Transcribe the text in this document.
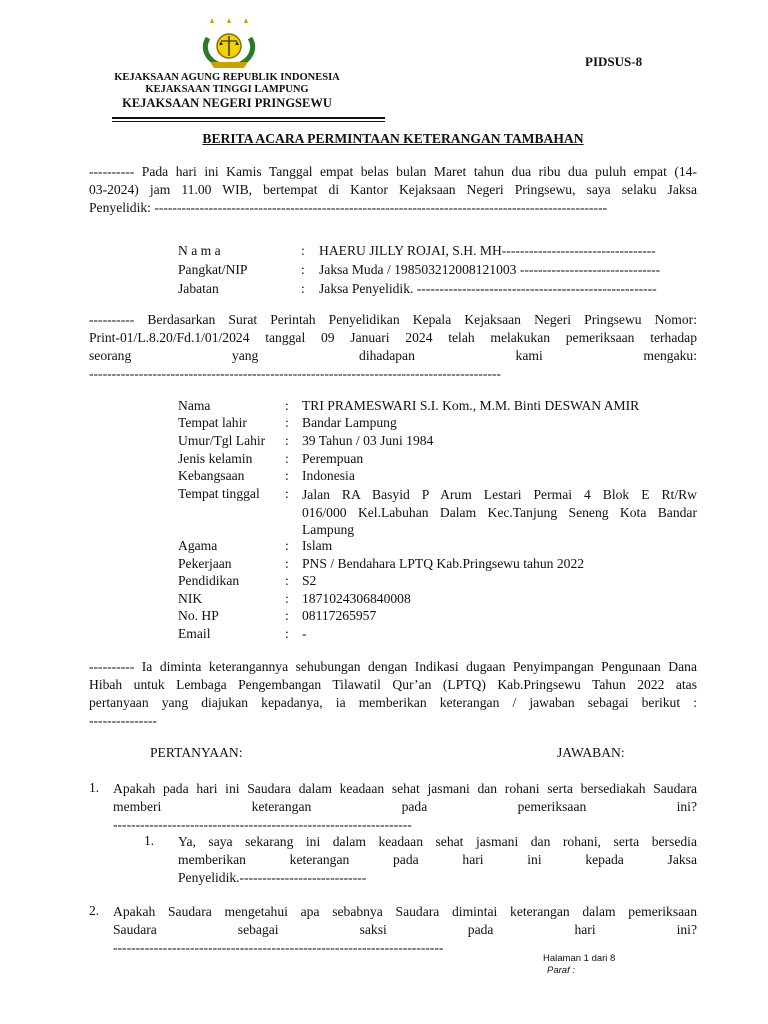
PIDSUS-8
KEJAKSAAN AGUNG REPUBLIK INDONESIA
KEJAKSAAN TINGGI LAMPUNG
KEJAKSAAN NEGERI PRINGSEWU
BERITA ACARA PERMINTAAN KETERANGAN TAMBAHAN
---------- Pada hari ini Kamis Tanggal empat belas bulan Maret tahun dua ribu dua puluh empat (14-
03-2024) jam 11.00 WIB, bertempat di Kantor Kejaksaan Negeri Pringsewu, saya selaku Jaksa
Penyelidik: ----------------------------------------------------------------------------------------------------
N a m a	: HAERU JILLY ROJAI, S.H. MH----------------------------------
Pangkat/NIP	: Jaksa Muda / 198503212008121003 -------------------------------
Jabatan	: Jaksa Penyelidik. -----------------------------------------------------
---------- Berdasarkan Surat Perintah Penyelidikan Kepala Kejaksaan Negeri Pringsewu Nomor:
Print-01/L.8.20/Fd.1/01/2024 tanggal 09 Januari 2024 telah melakukan pemeriksaan terhadap
seorang yang dihadapan kami mengaku:
-------------------------------------------------------------------------------------------
Nama	: TRI PRAMESWARI S.I. Kom., M.M. Binti DESWAN AMIR
Tempat lahir	: Bandar Lampung
Umur/Tgl Lahir : 39 Tahun / 03 Juni 1984
Jenis kelamin : Perempuan
Kebangsaan	: Indonesia
Tempat tinggal : Jalan RA Basyid P Arum Lestari Permai 4 Blok E Rt/Rw
016/000 Kel.Labuhan Dalam Kec.Tanjung Seneng Kota Bandar
Lampung
Agama	: Islam
Pekerjaan	: PNS / Bendahara LPTQ Kab.Pringsewu tahun 2022
Pendidikan	: S2
NIK	: 1871024306840008
No. HP	: 08117265957
Email	: -
---------- Ia diminta keterangannya sehubungan dengan Indikasi dugaan Penyimpangan Pengunaan Dana
Hibah untuk Lembaga Pengembangan Tilawatil Qur’an (LPTQ) Kab.Pringsewu Tahun 2022 atas
pertanyaan yang diajukan kepadanya, ia memberikan keterangan / jawaban sebagai berikut :
---------------
PERTANYAAN:	JAWABAN:
1. Apakah pada hari ini Saudara dalam keadaan sehat jasmani dan rohani serta bersediakah Saudara
memberi keterangan pada pemeriksaan ini?
------------------------------------------------------------------
1. Ya, saya sekarang ini dalam keadaan sehat jasmani dan rohani, serta bersedia
memberikan keterangan pada hari ini kepada Jaksa
Penyelidik.----------------------------
2. Apakah Saudara mengetahui apa sebabnya Saudara dimintai keterangan dalam pemeriksaan
Saudara sebagai saksi pada hari ini?
-------------------------------------------------------------------------
Halaman 1 dari 8
Paraf :
